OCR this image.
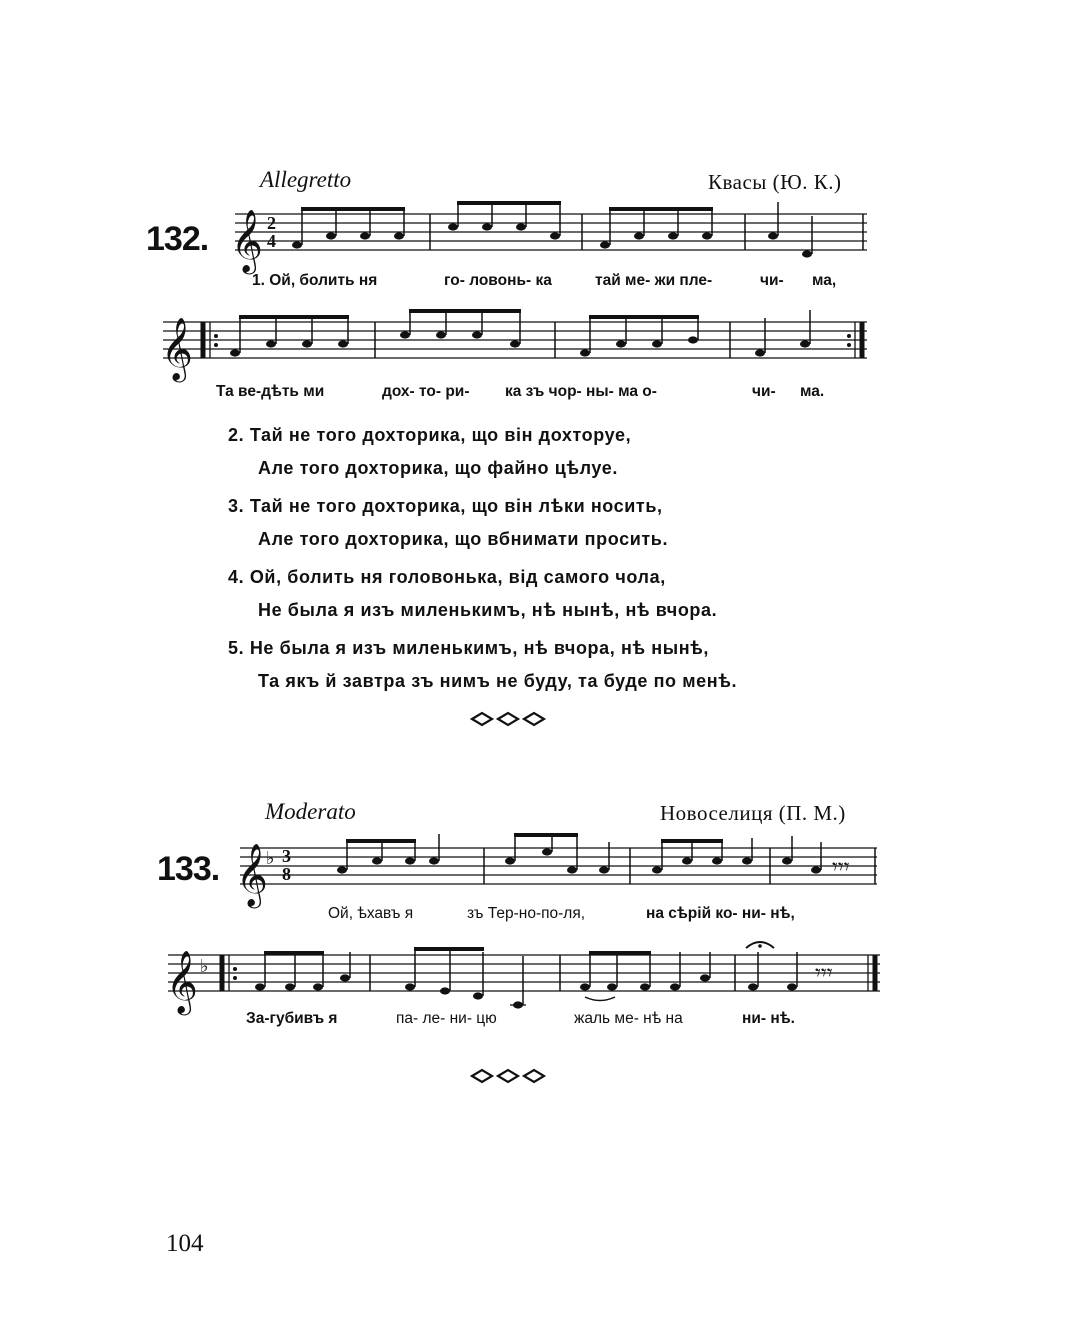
Allegretto	Квасы (Ю. К.)
132. 𝄞 2
4
1. Ой, болить ня	го- ловонь- ка	тай ме- жи пле-	чи- ма,
𝄞
Та ве-дѣть ми	дох- то- ри- ка зъ чор- ны- ма о-	чи- ма.
2. Тай не того дохторика, що він дохторуе,
Але того дохторика, що файно цѣлуе.
3. Тай не того дохторика, що він лѣки носить,
Але того дохторика, що вбнимати просить.
4. Ой, болить ня головонька, від самого чола,
Не была я изъ миленькимъ, нѣ нынѣ, нѣ вчора.
5. Не была я изъ миленькимъ, нѣ вчора, нѣ нынѣ,
Та якъ й завтра зъ нимъ не буду, та буде по менѣ.
Moderato	Новоселиця (П. М.)
133. 𝄞
♭ 3
8	𝄾𝄾𝄾
Ой, ѣхавъ я	зъ Тер-но-по-ля,	на сѣрій ко- ни- нѣ,
𝄞 ♭	𝄾𝄾𝄾
За-губивъ я	па- ле- ни- цю	жаль ме- нѣ на	ни- нѣ.
104
